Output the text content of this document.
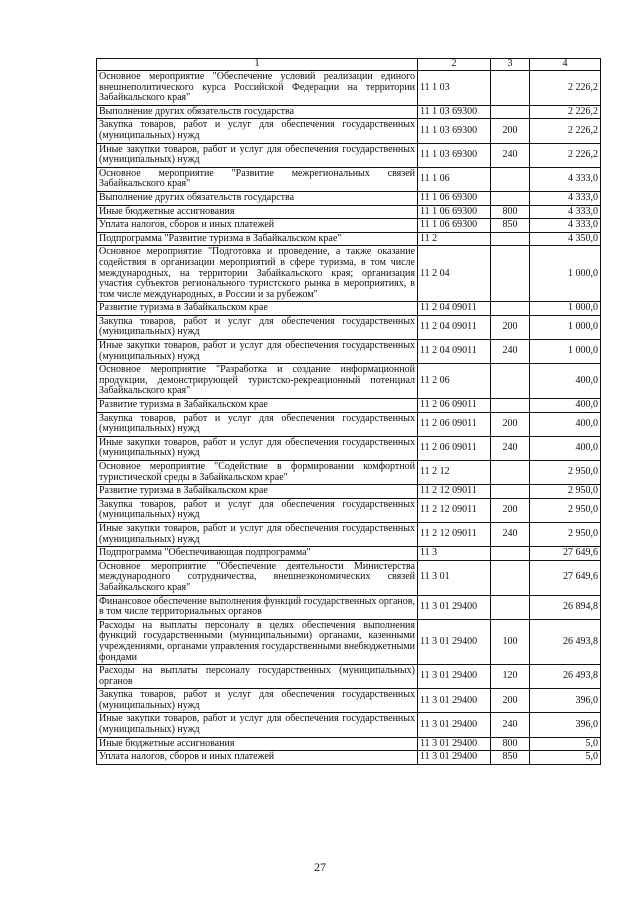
1	2	3	4
Основное мероприятие "Обеспечение условий реализации единого внешнеполитического курса Российской Федерации на территории Забайкальского края"	11 1 03		2 226,2
Выполнение других обязательств государства	11 1 03 69300		2 226,2
Закупка товаров, работ и услуг для обеспечения государственных (муниципальных) нужд	11 1 03 69300	200	2 226,2
Иные закупки товаров, работ и услуг для обеспечения государственных (муниципальных) нужд	11 1 03 69300	240	2 226,2
Основное мероприятие "Развитие межрегиональных связей Забайкальского края"	11 1 06		4 333,0
Выполнение других обязательств государства	11 1 06 69300		4 333,0
Иные бюджетные ассигнования	11 1 06 69300	800	4 333,0
Уплата налогов, сборов и иных платежей	11 1 06 69300	850	4 333,0
Подпрограмма "Развитие туризма в Забайкальском крае"	11 2		4 350,0
Основное мероприятие "Подготовка и проведение, а также оказание содействия в организации мероприятий в сфере туризма, в том числе международных, на территории Забайкальского края; организация участия субъектов регионального туристского рынка в мероприятиях, в том числе международных, в России и за рубежом"	11 2 04		1 000,0
Развитие туризма в Забайкальском крае	11 2 04 09011		1 000,0
Закупка товаров, работ и услуг для обеспечения государственных (муниципальных) нужд	11 2 04 09011	200	1 000,0
Иные закупки товаров, работ и услуг для обеспечения государственных (муниципальных) нужд	11 2 04 09011	240	1 000,0
Основное мероприятие "Разработка и создание информационной продукции, демонстрирующей туристско-рекреационный потенциал Забайкальского края"	11 2 06		400,0
Развитие туризма в Забайкальском крае	11 2 06 09011		400,0
Закупка товаров, работ и услуг для обеспечения государственных (муниципальных) нужд	11 2 06 09011	200	400,0
Иные закупки товаров, работ и услуг для обеспечения государственных (муниципальных) нужд	11 2 06 09011	240	400,0
Основное мероприятие "Содействие в формировании комфортной туристической среды в Забайкальском крае"	11 2 12		2 950,0
Развитие туризма в Забайкальском крае	11 2 12 09011		2 950,0
Закупка товаров, работ и услуг для обеспечения государственных (муниципальных) нужд	11 2 12 09011	200	2 950,0
Иные закупки товаров, работ и услуг для обеспечения государственных (муниципальных) нужд	11 2 12 09011	240	2 950,0
Подпрограмма "Обеспечивающая подпрограмма"	11 3		27 649,6
Основное мероприятие "Обеспечение деятельности Министерства международного сотрудничества, внешнеэкономических связей Забайкальского края"	11 3 01		27 649,6
Финансовое обеспечение выполнения функций государственных органов, в том числе территориальных органов	11 3 01 29400		26 894,8
Расходы на выплаты персоналу в целях обеспечения выполнения функций государственными (муниципальными) органами, казенными учреждениями, органами управления государственными внебюджетными фондами	11 3 01 29400	100	26 493,8
Расходы на выплаты персоналу государственных (муниципальных) органов	11 3 01 29400	120	26 493,8
Закупка товаров, работ и услуг для обеспечения государственных (муниципальных) нужд	11 3 01 29400	200	396,0
Иные закупки товаров, работ и услуг для обеспечения государственных (муниципальных) нужд	11 3 01 29400	240	396,0
Иные бюджетные ассигнования	11 3 01 29400	800	5,0
Уплата налогов, сборов и иных платежей	11 3 01 29400	850	5,0
27
